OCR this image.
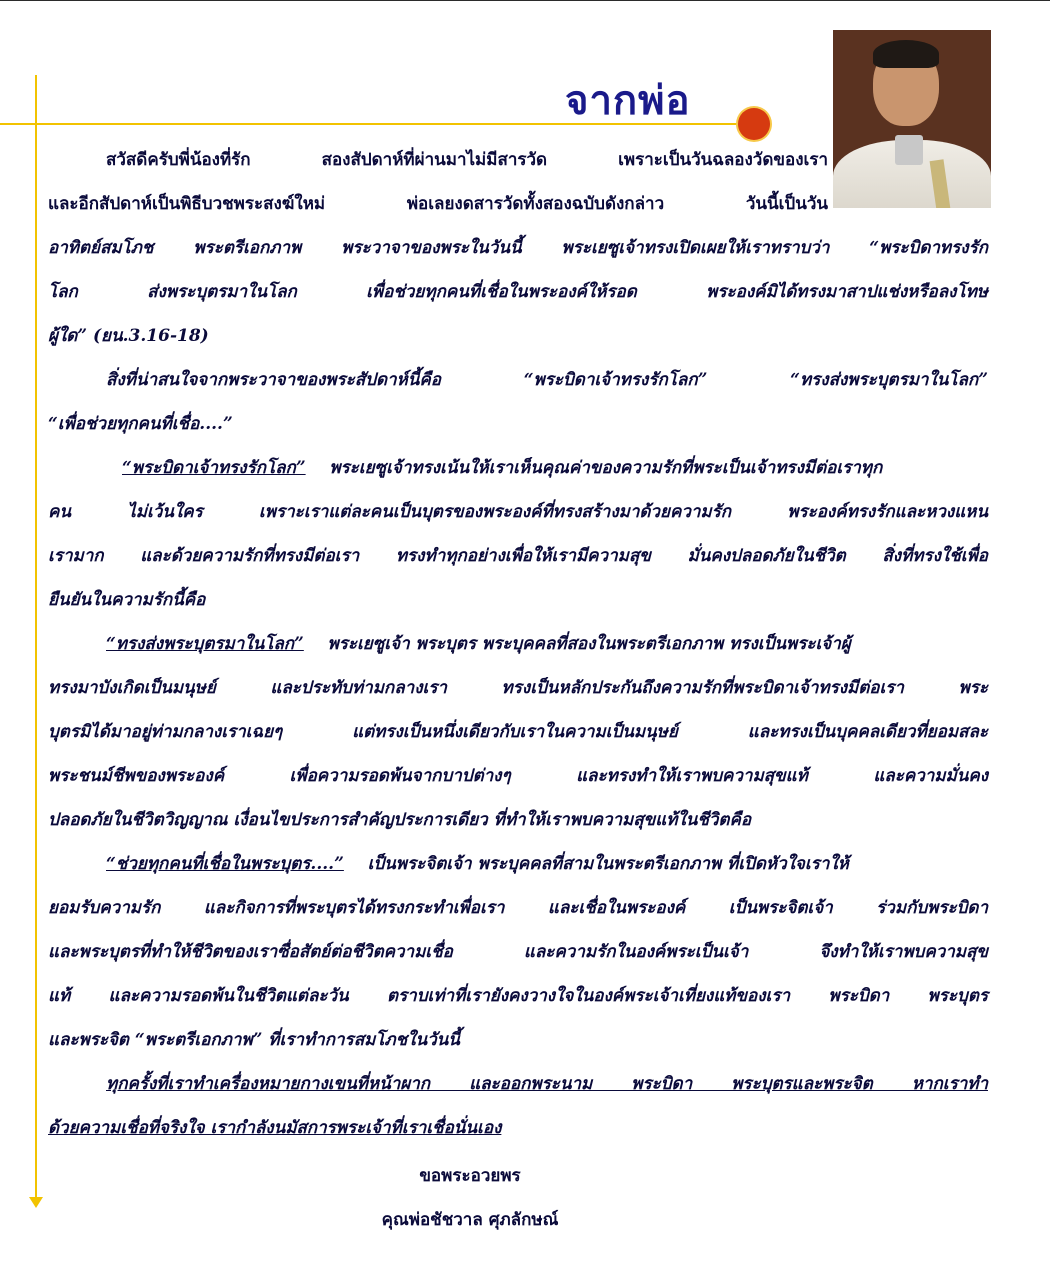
จากพ่อ
สวัสดีครับพี่น้องที่รัก สองสัปดาห์ที่ผ่านมาไม่มีสารวัด เพราะเป็นวันฉลองวัดของเรา
และอีกสัปดาห์เป็นพิธีบวชพระสงฆ์ใหม่ พ่อเลยงดสารวัดทั้งสองฉบับดังกล่าว วันนี้เป็นวัน
อาทิตย์สมโภช พระตรีเอกภาพ พระวาจาของพระในวันนี้ พระเยซูเจ้าทรงเปิดเผยให้เราทราบว่า “พระบิดาทรงรัก
โลก ส่งพระบุตรมาในโลก เพื่อช่วยทุกคนที่เชื่อในพระองค์ให้รอด พระองค์มิได้ทรงมาสาปแช่งหรือลงโทษ
ผู้ใด” (ยน.3.16-18)
สิ่งที่น่าสนใจจากพระวาจาของพระสัปดาห์นี้คือ “พระบิดาเจ้าทรงรักโลก” “ทรงส่งพระบุตรมาในโลก”
“เพื่อช่วยทุกคนที่เชื่อ....”
“พระบิดาเจ้าทรงรักโลก” พระเยซูเจ้าทรงเน้นให้เราเห็นคุณค่าของความรักที่พระเป็นเจ้าทรงมีต่อเราทุก
คน ไม่เว้นใคร เพราะเราแต่ละคนเป็นบุตรของพระองค์ที่ทรงสร้างมาด้วยความรัก พระองค์ทรงรักและหวงแหน
เรามาก และด้วยความรักที่ทรงมีต่อเรา ทรงทำทุกอย่างเพื่อให้เรามีความสุข มั่นคงปลอดภัยในชีวิต สิ่งที่ทรงใช้เพื่อ
ยืนยันในความรักนี้คือ
“ทรงส่งพระบุตรมาในโลก” พระเยซูเจ้า พระบุตร พระบุคคลที่สองในพระตรีเอกภาพ ทรงเป็นพระเจ้าผู้
ทรงมาบังเกิดเป็นมนุษย์ และประทับท่ามกลางเรา ทรงเป็นหลักประกันถึงความรักที่พระบิดาเจ้าทรงมีต่อเรา พระ
บุตรมิได้มาอยู่ท่ามกลางเราเฉยๆ แต่ทรงเป็นหนึ่งเดียวกับเราในความเป็นมนุษย์ และทรงเป็นบุคคลเดียวที่ยอมสละ
พระชนม์ชีพของพระองค์ เพื่อความรอดพ้นจากบาปต่างๆ และทรงทำให้เราพบความสุขแท้ และความมั่นคง
ปลอดภัยในชีวิตวิญญาณ เงื่อนไขประการสำคัญประการเดียว ที่ทำให้เราพบความสุขแท้ในชีวิตคือ
“ช่วยทุกคนที่เชื่อในพระบุตร....” เป็นพระจิตเจ้า พระบุคคลที่สามในพระตรีเอกภาพ ที่เปิดหัวใจเราให้
ยอมรับความรัก และกิจการที่พระบุตรได้ทรงกระทำเพื่อเรา และเชื่อในพระองค์ เป็นพระจิตเจ้า ร่วมกับพระบิดา
และพระบุตรที่ทำให้ชีวิตของเราซื่อสัตย์ต่อชีวิตความเชื่อ และความรักในองค์พระเป็นเจ้า จึงทำให้เราพบความสุข
แท้ และความรอดพ้นในชีวิตแต่ละวัน ตราบเท่าที่เรายังคงวางใจในองค์พระเจ้าเที่ยงแท้ของเรา พระบิดา พระบุตร
และพระจิต “พระตรีเอกภาพ” ที่เราทำการสมโภชในวันนี้
ทุกครั้งที่เราทำเครื่องหมายกางเขนที่หน้าผาก และออกพระนาม พระบิดา พระบุตรและพระจิต หากเราทำ
ด้วยความเชื่อที่จริงใจ เรากำลังนมัสการพระเจ้าที่เราเชื่อนั่นเอง
ขอพระอวยพร
คุณพ่อชัชวาล ศุภลักษณ์
